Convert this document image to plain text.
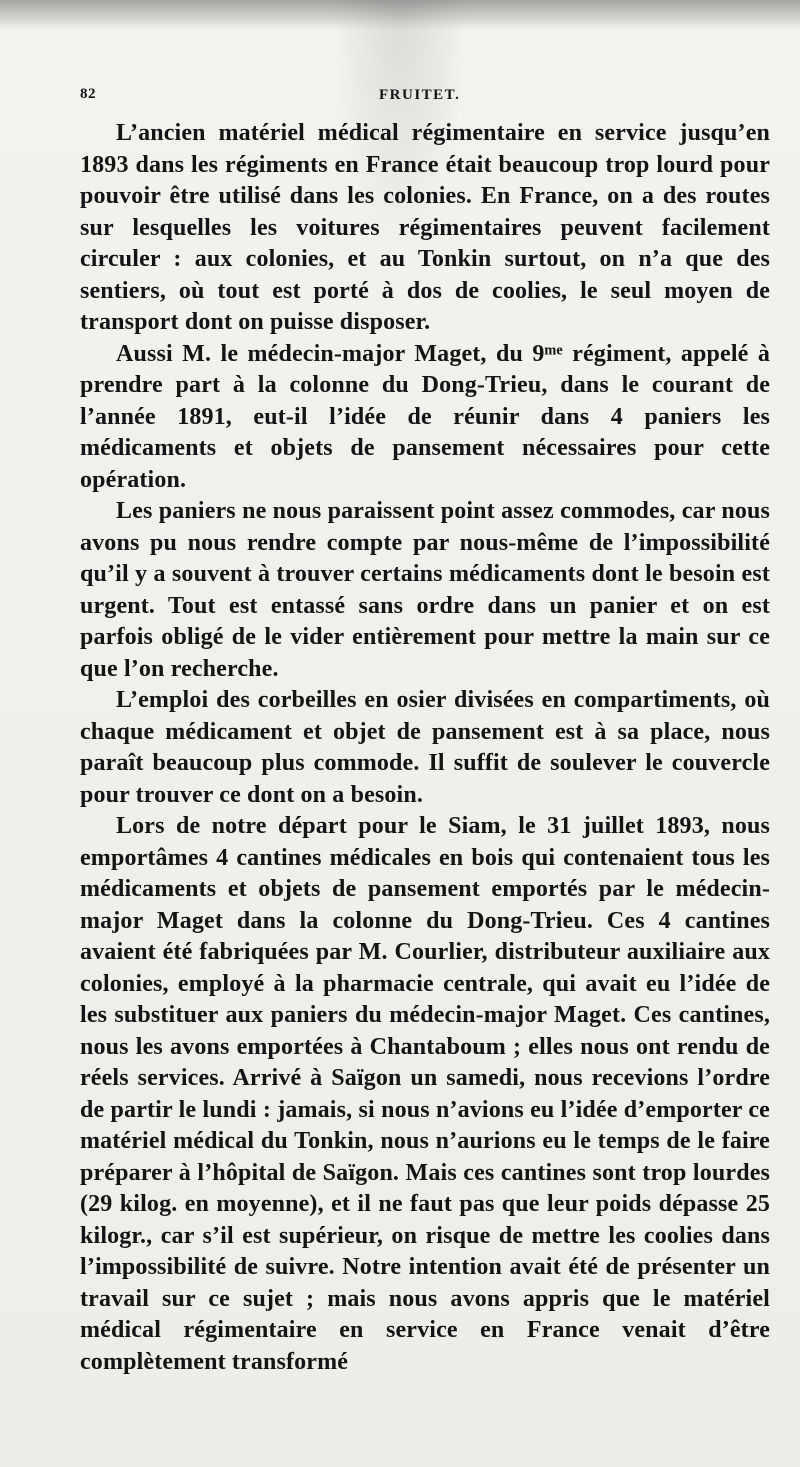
82	FRUITET.

L’ancien matériel médical régimentaire en service jusqu’en 1893 dans les régiments en France était beaucoup trop lourd pour pouvoir être utilisé dans les colonies. En France, on a des routes sur lesquelles les voitures régimentaires peuvent facilement circuler : aux colonies, et au Tonkin surtout, on n’a que des sentiers, où tout est porté à dos de coolies, le seul moyen de transport dont on puisse disposer.

Aussi M. le médecin-major Maget, du 9ᵐᵉ régiment, appelé à prendre part à la colonne du Dong-Trieu, dans le courant de l’année 1891, eut-il l’idée de réunir dans 4 paniers les médicaments et objets de pansement nécessaires pour cette opération.

Les paniers ne nous paraissent point assez commodes, car nous avons pu nous rendre compte par nous-même de l’impossibilité qu’il y a souvent à trouver certains médicaments dont le besoin est urgent. Tout est entassé sans ordre dans un panier et on est parfois obligé de le vider entièrement pour mettre la main sur ce que l’on recherche.

L’emploi des corbeilles en osier divisées en compartiments, où chaque médicament et objet de pansement est à sa place, nous paraît beaucoup plus commode. Il suffit de soulever le couvercle pour trouver ce dont on a besoin.

Lors de notre départ pour le Siam, le 31 juillet 1893, nous emportâmes 4 cantines médicales en bois qui contenaient tous les médicaments et objets de pansement emportés par le médecin-major Maget dans la colonne du Dong-Trieu. Ces 4 cantines avaient été fabriquées par M. Courlier, distributeur auxiliaire aux colonies, employé à la pharmacie centrale, qui avait eu l’idée de les substituer aux paniers du médecin-major Maget. Ces cantines, nous les avons emportées à Chantaboum ; elles nous ont rendu de réels services. Arrivé à Saïgon un samedi, nous recevions l’ordre de partir le lundi : jamais, si nous n’avions eu l’idée d’emporter ce matériel médical du Tonkin, nous n’aurions eu le temps de le faire préparer à l’hôpital de Saïgon. Mais ces cantines sont trop lourdes (29 kilog. en moyenne), et il ne faut pas que leur poids dépasse 25 kilogr., car s’il est supérieur, on risque de mettre les coolies dans l’impossibilité de suivre. Notre intention avait été de présenter un travail sur ce sujet ; mais nous avons appris que le matériel médical régimentaire en service en France venait d’être complètement transformé
